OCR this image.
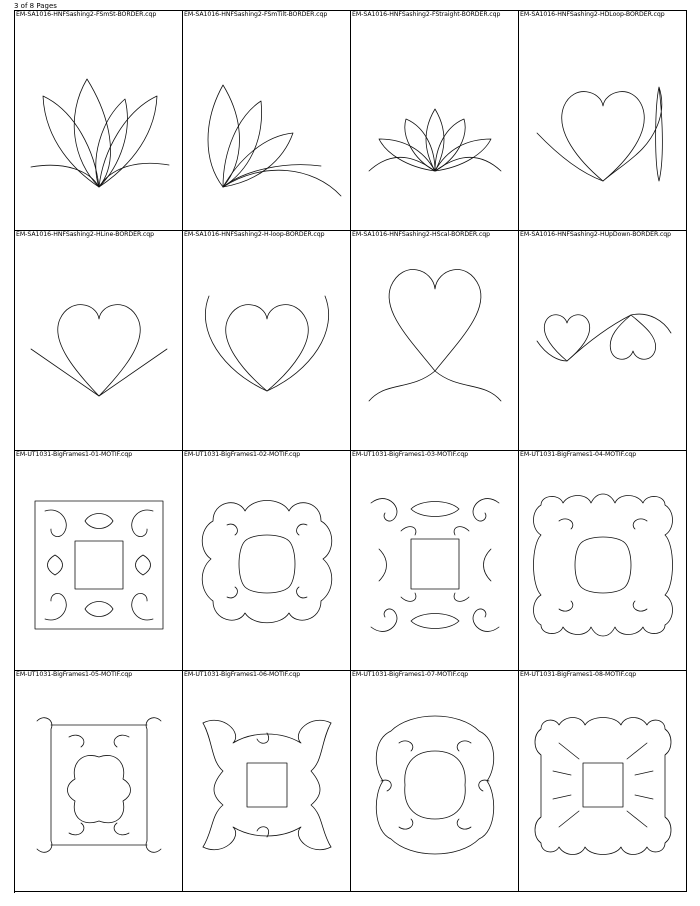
3 of 8 Pages
EM-SA1016-HNFSashing2-FSmSt-BORDER.cqp	EM-SA1016-HNFSashing2-FSmTilt-BORDER.cqp	EM-SA1016-HNFSashing2-FStraight-BORDER.cqp	EM-SA1016-HNFSashing2-HDLoop-BORDER.cqp
EM-SA1016-HNFSashing2-HLine-BORDER.cqp	EM-SA1016-HNFSashing2-H-loop-BORDER.cqp	EM-SA1016-HNFSashing2-HScal-BORDER.cqp	EM-SA1016-HNFSashing2-HUpDown-BORDER.cqp
EM-UT1031-BigFrames1-01-MOTIF.cqp	EM-UT1031-BigFrames1-02-MOTIF.cqp	EM-UT1031-BigFrames1-03-MOTIF.cqp	EM-UT1031-BigFrames1-04-MOTIF.cqp
EM-UT1031-BigFrames1-05-MOTIF.cqp	EM-UT1031-BigFrames1-06-MOTIF.cqp	EM-UT1031-BigFrames1-07-MOTIF.cqp	EM-UT1031-BigFrames1-08-MOTIF.cqp
